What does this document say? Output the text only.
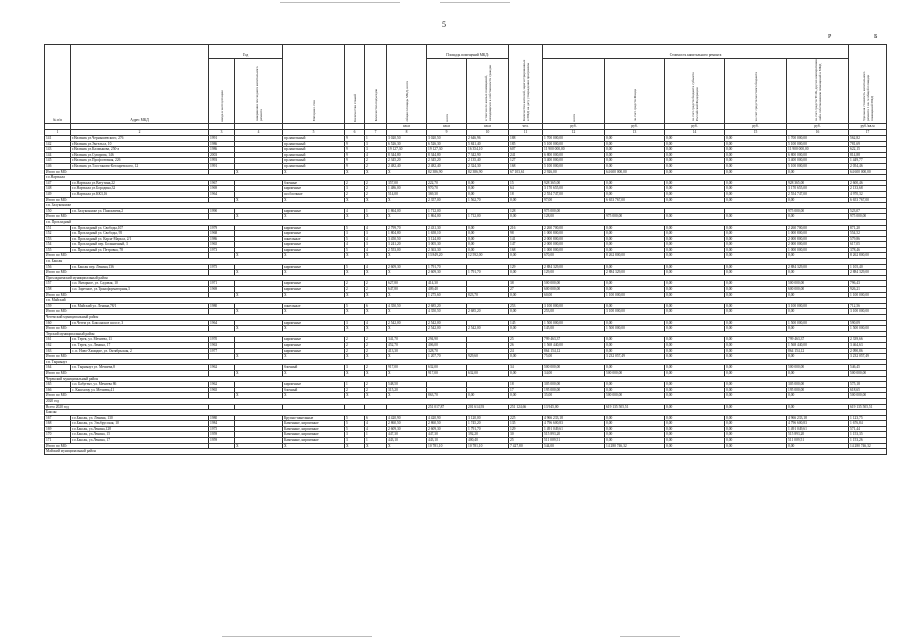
5
Р	Б
№ п/п	Адрес МКД	Год		Материал стен	Количество этажей	Количество подъездов	общая площадь МКД, всего	Площадь помещений МКД:		Количество жителей, зарегистрированных в МКД на дату утверждения программы	Стоимость капитального ремонта					Удельная стоимость капитального ремонта 1 кв. м общей площади помещений МКД	
		ввода в эксплуатацию	завершения последнего капитального ремонта					всего	в том числе жилых помещений, находящихся в собственности граждан		всего	за счет средств Фонда	за счет средств бюджета субъекта Российской Федерации	за счет средств местного бюджета	за счет средств ТСЖ, других кооперативов либо собственников помещений в МКД		
							кв.м	кв.м	кв.м	чел.	руб.	руб.	руб.	руб.	руб.	руб./кв.м	
1	2	3	4	5	6	7	8	9	10	11	12	13	14	15	16	17	
141	г.Нальчик ул.Чернышевского, 276	1991		пр.панельный	9	1	3 020,50	3 020,50	2 646,96	188	1 700 000,00	0,00	0,00	0,00	1 700 000,00	562,82	
142	г.Нальчик ул.Энгельса, 10	1986		пр.панельный	9	3	6 526,30	6 526,30	5 841,40	185	5 100 000,00	0,00	0,00	0,00	5 100 000,00	781,69	
143	г.Нальчик ул.Калмыкова, 250-а	1986		пр.панельный	9	3	19 127,30	19 127,30	16 354,10	607	11 900 000,00	0,00	0,00	0,00	11 900 000,00	622,15	
144	г.Нальчик ул.Суворова, 146	2003		пр.панельный	9	4	8 344,80	8 344,80	7 342,90	241	6 800 000,00	0,00	0,00	0,00	6 800 000,00	814,88	
145	г.Нальчик ул.Профсоюзная, 226	1993		пр.панельный	9	2	2 345,20	2 345,20	2 135,40	127	3 400 000,00	0,00	0,00	0,00	3 400 000,00	1 449,77	
146	г.Нальчик ул.Тлостанова-Котляревского, 12	1991		пр.панельный	9	2	2 482,40	2 482,40	2 324,30	168	5 100 000,00	0,00	0,00	0,00	5 100 000,00	2 054,46	
Итого по МО:			X	X	X	X	X	82 386,90	82 386,90	67 103,61	2 926,00	64 600 000,00	0,00	0,00	0,00	64 600 000,00	
г.о.Нарткала																	
147	г.о.Нарткала ул.Ватутина,22	1967		блочные	2	2	357,00	222,70	0,00	15	928 365,00	0,00	0,00	0,00	928 365,00	2 600,46	
148	г.о.Нарткала ул.Бородина,32	1969		кирпичные	3	2	1 486,00	970,70	0,00	64	3 170 655,00	0,00	0,00	0,00	3 170 655,00	2 133,68	
149	г.о.Нарткала ул.ККЗ,16	1964		шл.блочные	2	2	514,00	369,30	0,00	18	2 554 747,00	0,00	0,00	0,00	2 554 747,00	4 970,32	
Итого по МО:			X	X	X	X	X	2 357,00	1 562,70	0,00	97,00	6 653 767,00	0,00	0,00	0,00	6 653 767,00	
г.п. Залукокоаже																	
150	г.п. Залукокоаже ул. Пшихачева,2	1990		кирпичные	4	1	1 864,00	1 712,00		128	975 000,00				975 000,00	523,07	
Итого по МО:			X	X	X	X	X	1 864,00	1 712,00	0,00	128,00	975 000,00	0,00	0,00	0,00	975 000,00	
г.п. Прохладный																	
151	г.п. Прохладный ул. Свободы,107	1979		кирпичные	5	4	2 799,70	2 431,30	0,00	216	2 260 700,00	0,00	0,00	0,00	2 260 700,00	871,20	
152	г.п. Прохладный ул. Свободы, 95	1968		кирпичные	3	3	1 804,80	1 658,10	0,00	98	1 000 800,00	0,00	0,00	0,00	1 000 800,00	554,52	
153	г.п. Прохладный ул. Карла-Маркса, 2/1	1986		панельные	5	4	3 450,50	3 124,00	0,00	141	2 000 800,00	0,00	0,00	0,00	2 000 800,00	579,86	
154	г.п. Прохладный пер. Больничный, 3	1965		кирпичные	4	3	3 241,20	3 005,30	0,00	147	2 000 000,00	0,00	0,00	0,00	2 000 000,00	617,05	
155	г.п. Прохладный ул. Петровка, 78	1973		кирпичные	5	4	2 553,00	2 363,30	0,00	168	1 000 000,00	0,00	0,00	0,00	1 000 000,00	378,46	
Итого по МО:			X	X	X	X	X	13 849,20	12 592,00	0,00	670,00	8 262 800,00	0,00	0,00	0,00	8 262 800,00	
г.п. Баксан																	
156	г.п. Баксан пер. Ленина,136	1975		кирпичные	5	4	2 609,30	1 791,70		129	2 884 329,00	0,00	0,00	0,00	2 884 329,00	1 105,40	
Итого по МО:			X	X	X	X	X	2 609,30	1 791,70	0,00	129,00	2 884 329,00	0,00	0,00	0,00	2 884 329,00	
Прохладненский муниципальный район																	
157	с.п. Янтарное, ул. Садовая, 10	1971		кирпичные	2	2	627,80	414,30		38	500 000,00	0,00	0,00	0,00	500 000,00	796,43	
158	с.п. Заречное, ул.Трансформаторная,3	1969		кирпичные	2	2	647,80	409,40		27	600 000,00	0,00	0,00	0,00	600 000,00	926,21	
Итого по МО:			X	X	X	X	X	1 275,60	823,70	0,00	60,00	1 100 000,00	0,00	0,00	0,00	1 100 000,00	
г.п. Майский																	
159	г.п. Майский ул. Ленина,78/1	1980		панельные	5	6	4 350,50	2 685,20		253	3 100 000,00	0,00	0,00	0,00	3 100 000,00	712,56	
Итого по МО:			X	X	X	X	X	4 350,50	2 685,20	0,00	253,00	3 100 000,00	0,00	0,00	0,00	3 100 000,00	
Чегемский муниципальный район																	
160	г.п.Чегем ул. Баксанское шоссе, 3	1964		кирпичные	3	4	2 542,00	2 542,00		145	1 500 000,00	0,00	0,00	0,00	1 500 000,00	590,09	
Итого по МО:			X	X	X	X	X	2 542,00	2 542,00	0,00	145,00	1 500 000,00	0,00	0,00	0,00	1 500 000,00	
Терский муниципальный район																	
161	г.п. Терек, ул. Мечиева, 11	1970		кирпичные	2	2	341,70	294,90		25	799 463,37	0,00	0,00	0,00	799 463,37	2 339,66	
162	г.п. Терек, ул. Ленина, 17	1963		кирпичные	2	2	452,70	406,00		26	1 568 440,00	0,00	0,00	0,00	1 568 440,00	3 464,63	
163	с. п. Ново-Хамидие, ул. Октябрьская, 2	1977		кирпичные	2	2	413,30	328,70		24	864 154,12	0,00	0,00	0,00	864 154,12	2 090,86	
Итого по МО:			X	X	X	X	X	1 207,70	929,60	0,00	75,00	3 232 057,49	0,00	0,00	0,00	3 232 057,49	
г.п. Тырныауз																	
164	г.п. Тырныауз ул. Мечиева,8	1962		блочный	3	2	917,00	632,00		34	500 000,00	0,00	0,00	0,00	500 000,00	546,45	
Итого по МО:			X	X	X	X	X	917,00	632,00	0,00	34,00	500 000,00	0,00	0,00	0,00	500 000,00	
Черекский муниципальный район																	
165	с.п. Бабугент, ул. Мечиева 86	1962		кирпичные	1	2	548,50			18	305 000,00	0,00	0,00	0,00	305 000,00	575,18	
166	с. Кашхатау ул. Мечиева,41	1965		блочный	2	2	315,20			17	195 000,00	0,00	0,00	0,00	195 000,00	618,65	
Итого по МО:			X	X	X	X	X	863,70	0,00	0,00	35,00	500 000,00	0,00	0,00	0,00	500 000,00	
2020 год																	
Всего 2020 год								251 017,87	201 614,93	251 124,66	13 945,00	619 135 505,51	0,00	0,00	0,00	619 135 505,51	
Баксан																	
167	г.о.Баксан, ул. Ленина, 130	1980		Крупно-панельные	5	6	4 420,90	4 420,90	3 120,00	225	4 966 233,18	0,00	0,00	0,00	4 966 233,18	1 123,75	
168	г.о.Баксан, ул. Эльбрусская, 10	1984		Каменные, кирпичные	5	4	2 860,50	2 860,50	1 745,20	135	4 796 600,83	0,00	0,00	0,00	4 796 600,83	1 676,84	
169	г.о.Баксан, ул.Ленина,128	1975		Каменные, кирпичные	5	4	2 609,30	2 609,30	1 791,70	129	1 491 049,61	0,00	0,00	0,00	1 491 049,61	571,44	
170	г.о.Баксан, ул.Ленина, 15	1959		Каменные, кирпичные	3	1	447,30	447,30	392,20	30	515 893,20	0,00	0,00	0,00	515 893,20	1 153,35	
171	г.о.Баксан, ул.Ленина, 17	1959		Каменные, кирпичные	3	1	443,10	443,10	400,40	25	511 009,51	0,00	0,00	0,00	511 009,51	1 153,26	
Итого по МО:			X	X	X	X	X	10 781,10	10 781,10	7 427,80	544,00	14 280 746,32	0,00	0,00	0,00	14 280 746,32	
Майский муниципальный район																	
